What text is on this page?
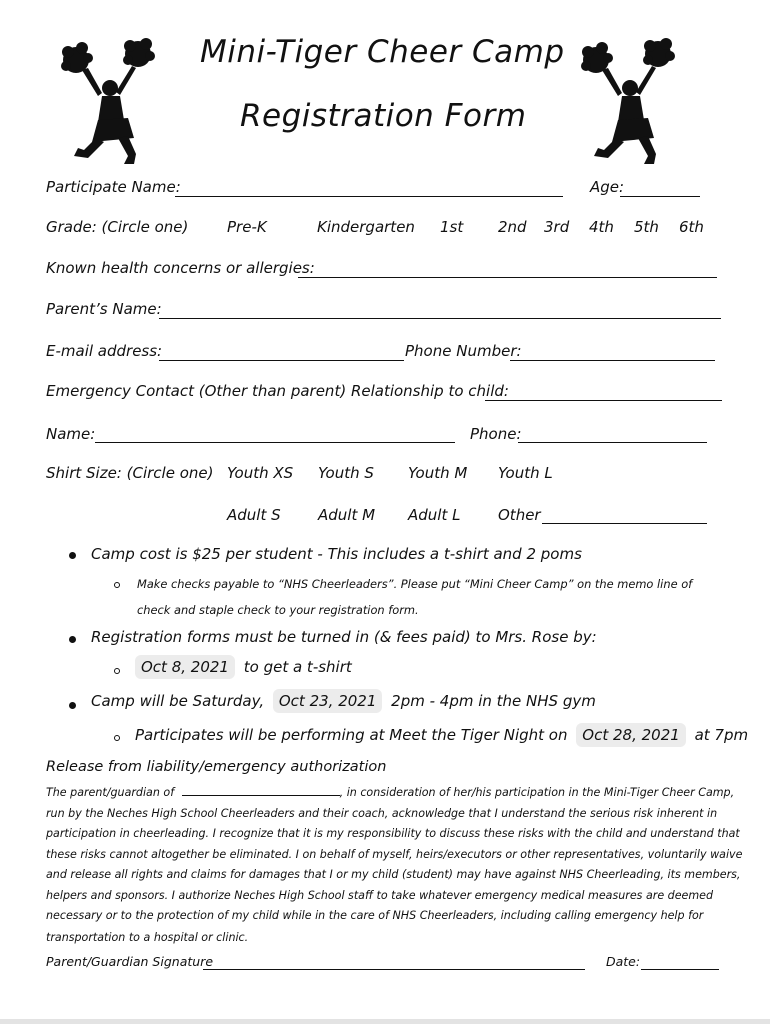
Mini-Tiger Cheer Camp
Registration Form
Participate Name:	Age:
Grade: (Circle one)	Pre-K	Kindergarten 1st 2nd 3rd 4th 5th 6th
Known health concerns or allergies:
Parent’s Name:
E-mail address:	Phone Number:
Emergency Contact (Other than parent) Relationship to child:
Name:	Phone:
Shirt Size: (Circle one) Youth XS Youth S Youth M Youth L
Adult S Adult M Adult L	Other
Camp cost is $25 per student - This includes a t-shirt and 2 poms
Make checks payable to “NHS Cheerleaders”. Please put “Mini Cheer Camp” on the memo line of
check and staple check to your registration form.
Registration forms must be turned in (& fees paid) to Mrs. Rose by:
Oct 8, 2021 to get a t-shirt
Camp will be Saturday, Oct 23, 2021 2pm - 4pm in the NHS gym
Participates will be performing at Meet the Tiger Night on Oct 28, 2021 at 7pm
Release from liability/emergency authorization
The parent/guardian of	, in consideration of her/his participation in the Mini-Tiger Cheer Camp,
run by the Neches High School Cheerleaders and their coach, acknowledge that I understand the serious risk inherent in
participation in cheerleading. I recognize that it is my responsibility to discuss these risks with the child and understand that
these risks cannot altogether be eliminated. I on behalf of myself, heirs/executors or other representatives, voluntarily waive
and release all rights and claims for damages that I or my child (student) may have against NHS Cheerleading, its members,
helpers and sponsors. I authorize Neches High School staff to take whatever emergency medical measures are deemed
necessary or to the protection of my child while in the care of NHS Cheerleaders, including calling emergency help for
transportation to a hospital or clinic.
Parent/Guardian Signature	Date:
